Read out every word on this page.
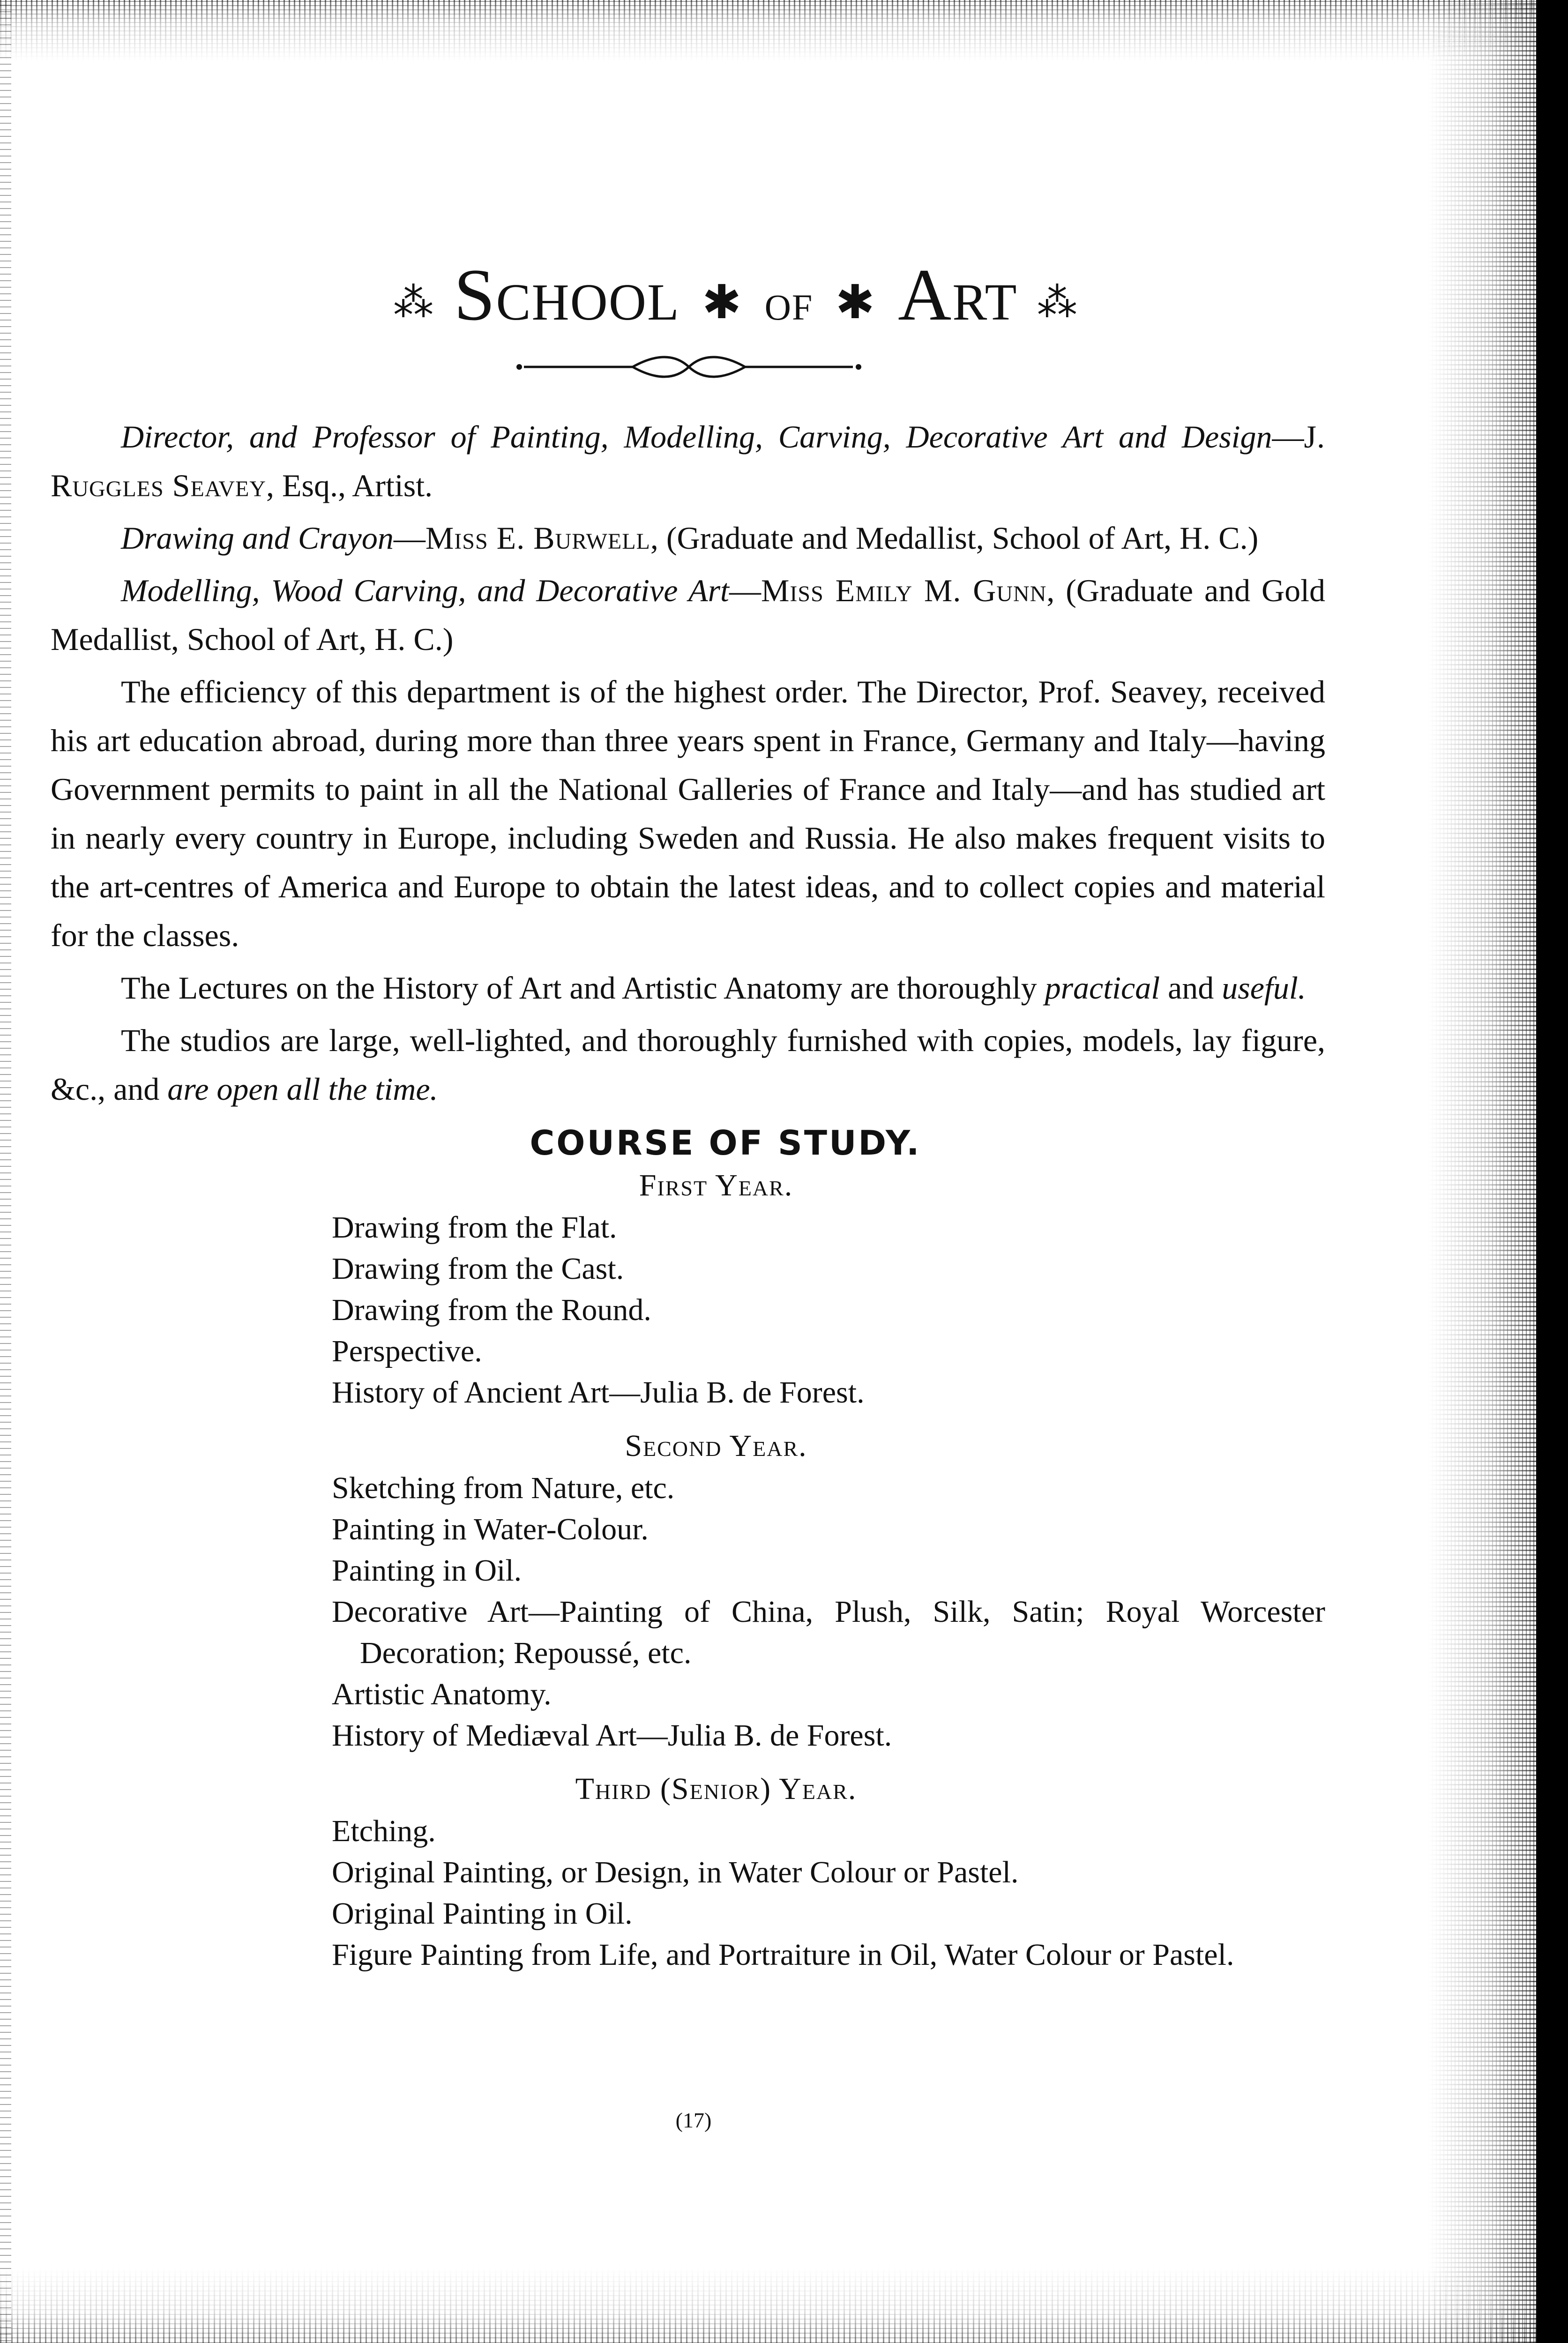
⁂ School ✱ of ✱ Art ⁂

Director, and Professor of Painting, Modelling, Carving, Decorative Art and Design—J. Ruggles Seavey, Esq., Artist.

Drawing and Crayon—Miss E. Burwell, (Graduate and Medallist, School of Art, H. C.)

Modelling, Wood Carving, and Decorative Art—Miss Emily M. Gunn, (Graduate and Gold Medallist, School of Art, H. C.)

The efficiency of this department is of the highest order. The Director, Prof. Seavey, received his art education abroad, during more than three years spent in France, Germany and Italy—having Government permits to paint in all the National Galleries of France and Italy—and has studied art in nearly every country in Europe, including Sweden and Russia. He also makes frequent visits to the art-centres of America and Europe to obtain the latest ideas, and to collect copies and material for the classes.

The Lectures on the History of Art and Artistic Anatomy are thoroughly practical and useful.

The studios are large, well-lighted, and thoroughly furnished with copies, models, lay figure, &c., and are open all the time.

COURSE OF STUDY.
First Year.
Drawing from the Flat.
Drawing from the Cast.
Drawing from the Round.
Perspective.
History of Ancient Art—Julia B. de Forest.
Second Year.
Sketching from Nature, etc.
Painting in Water-Colour.
Painting in Oil.
Decorative Art—Painting of China, Plush, Silk, Satin; Royal Worcester Decoration; Repoussé, etc.
Artistic Anatomy.
History of Mediæval Art—Julia B. de Forest.
Third (Senior) Year.
Etching.
Original Painting, or Design, in Water Colour or Pastel.
Original Painting in Oil.
Figure Painting from Life, and Portraiture in Oil, Water Colour or Pastel.
(17)
